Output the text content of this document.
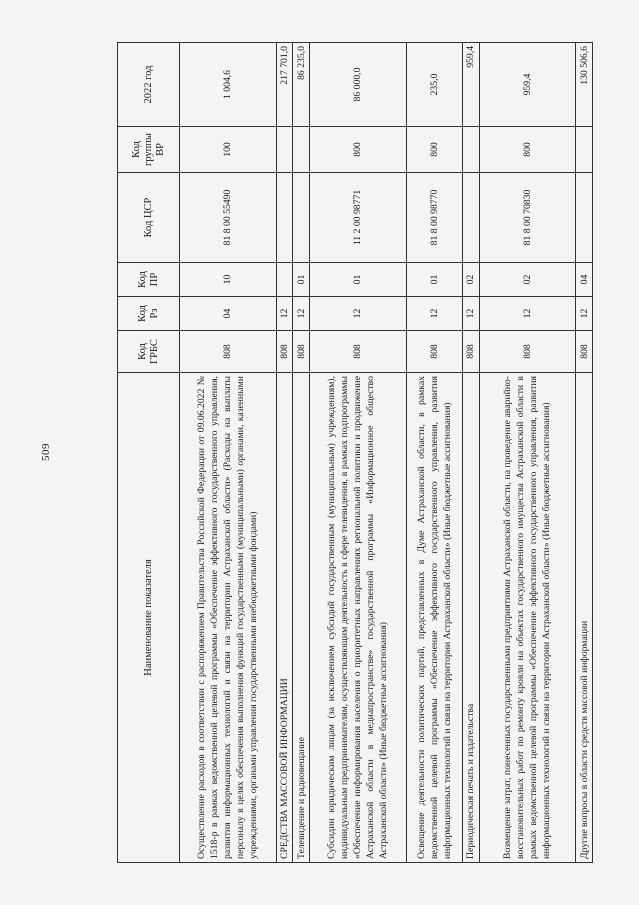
509
Наименование показателя	Код ГРБС	Код Рз	Код ПР	Код ЦСР	Код группы ВР	2022 год
Осуществление расходов в соответствии с распоряжением Правительства Российской Федерации от 09.06.2022 № 1518-р в рамках ведомственной целевой программы «Обеспечение эффективного государственного управления, развития информационных технологий и связи на территории Астраханской области» (Расходы на выплаты персоналу в целях обеспечения выполнения функций государственными (муниципальными) органами, казенными учреждениями, органами управления государственными внебюджетными фондами)	808	04	10	81 8 00 55490	100	1 004,6
СРЕДСТВА МАССОВОЙ ИНФОРМАЦИИ	808	12				217 701,0
Телевидение и радиовещание	808	12	01			86 235,0
Субсидии юридическим лицам (за исключением субсидий государственным (муниципальным) учреждениям), индивидуальным предпринимателям, осуществляющим деятельность в сфере телевидения, в рамках подпрограммы «Обеспечение информирования населения о приоритетных направлениях региональной политики и продвижение Астраханской области в медиапространстве» государственной программы «Информационное общество Астраханской области» (Иные бюджетные ассигнования)	808	12	01	11 2 00 98771	800	86 000,0
Освещение деятельности политических партий, представленных в Думе Астраханской области, в рамках ведомственной целевой программы «Обеспечение эффективного государственного управления, развития информационных технологий и связи на территории Астраханской области» (Иные бюджетные ассигнования)	808	12	01	81 8 00 98770	800	235,0
Периодическая печать и издательства	808	12	02			959,4
Возмещение затрат, понесенных государственными предприятиями Астраханской области, на проведение аварийно-восстановительных работ по ремонту кровли на объектах государственного имущества Астраханской области в рамках ведомственной целевой программы «Обеспечение эффективного государственного управления, развития информационных технологий и связи на территории Астраханской области» (Иные бюджетные ассигнования)	808	12	02	81 8 00 70830	800	959,4
Другие вопросы в области средств массовой информации	808	12	04			130 506,6
